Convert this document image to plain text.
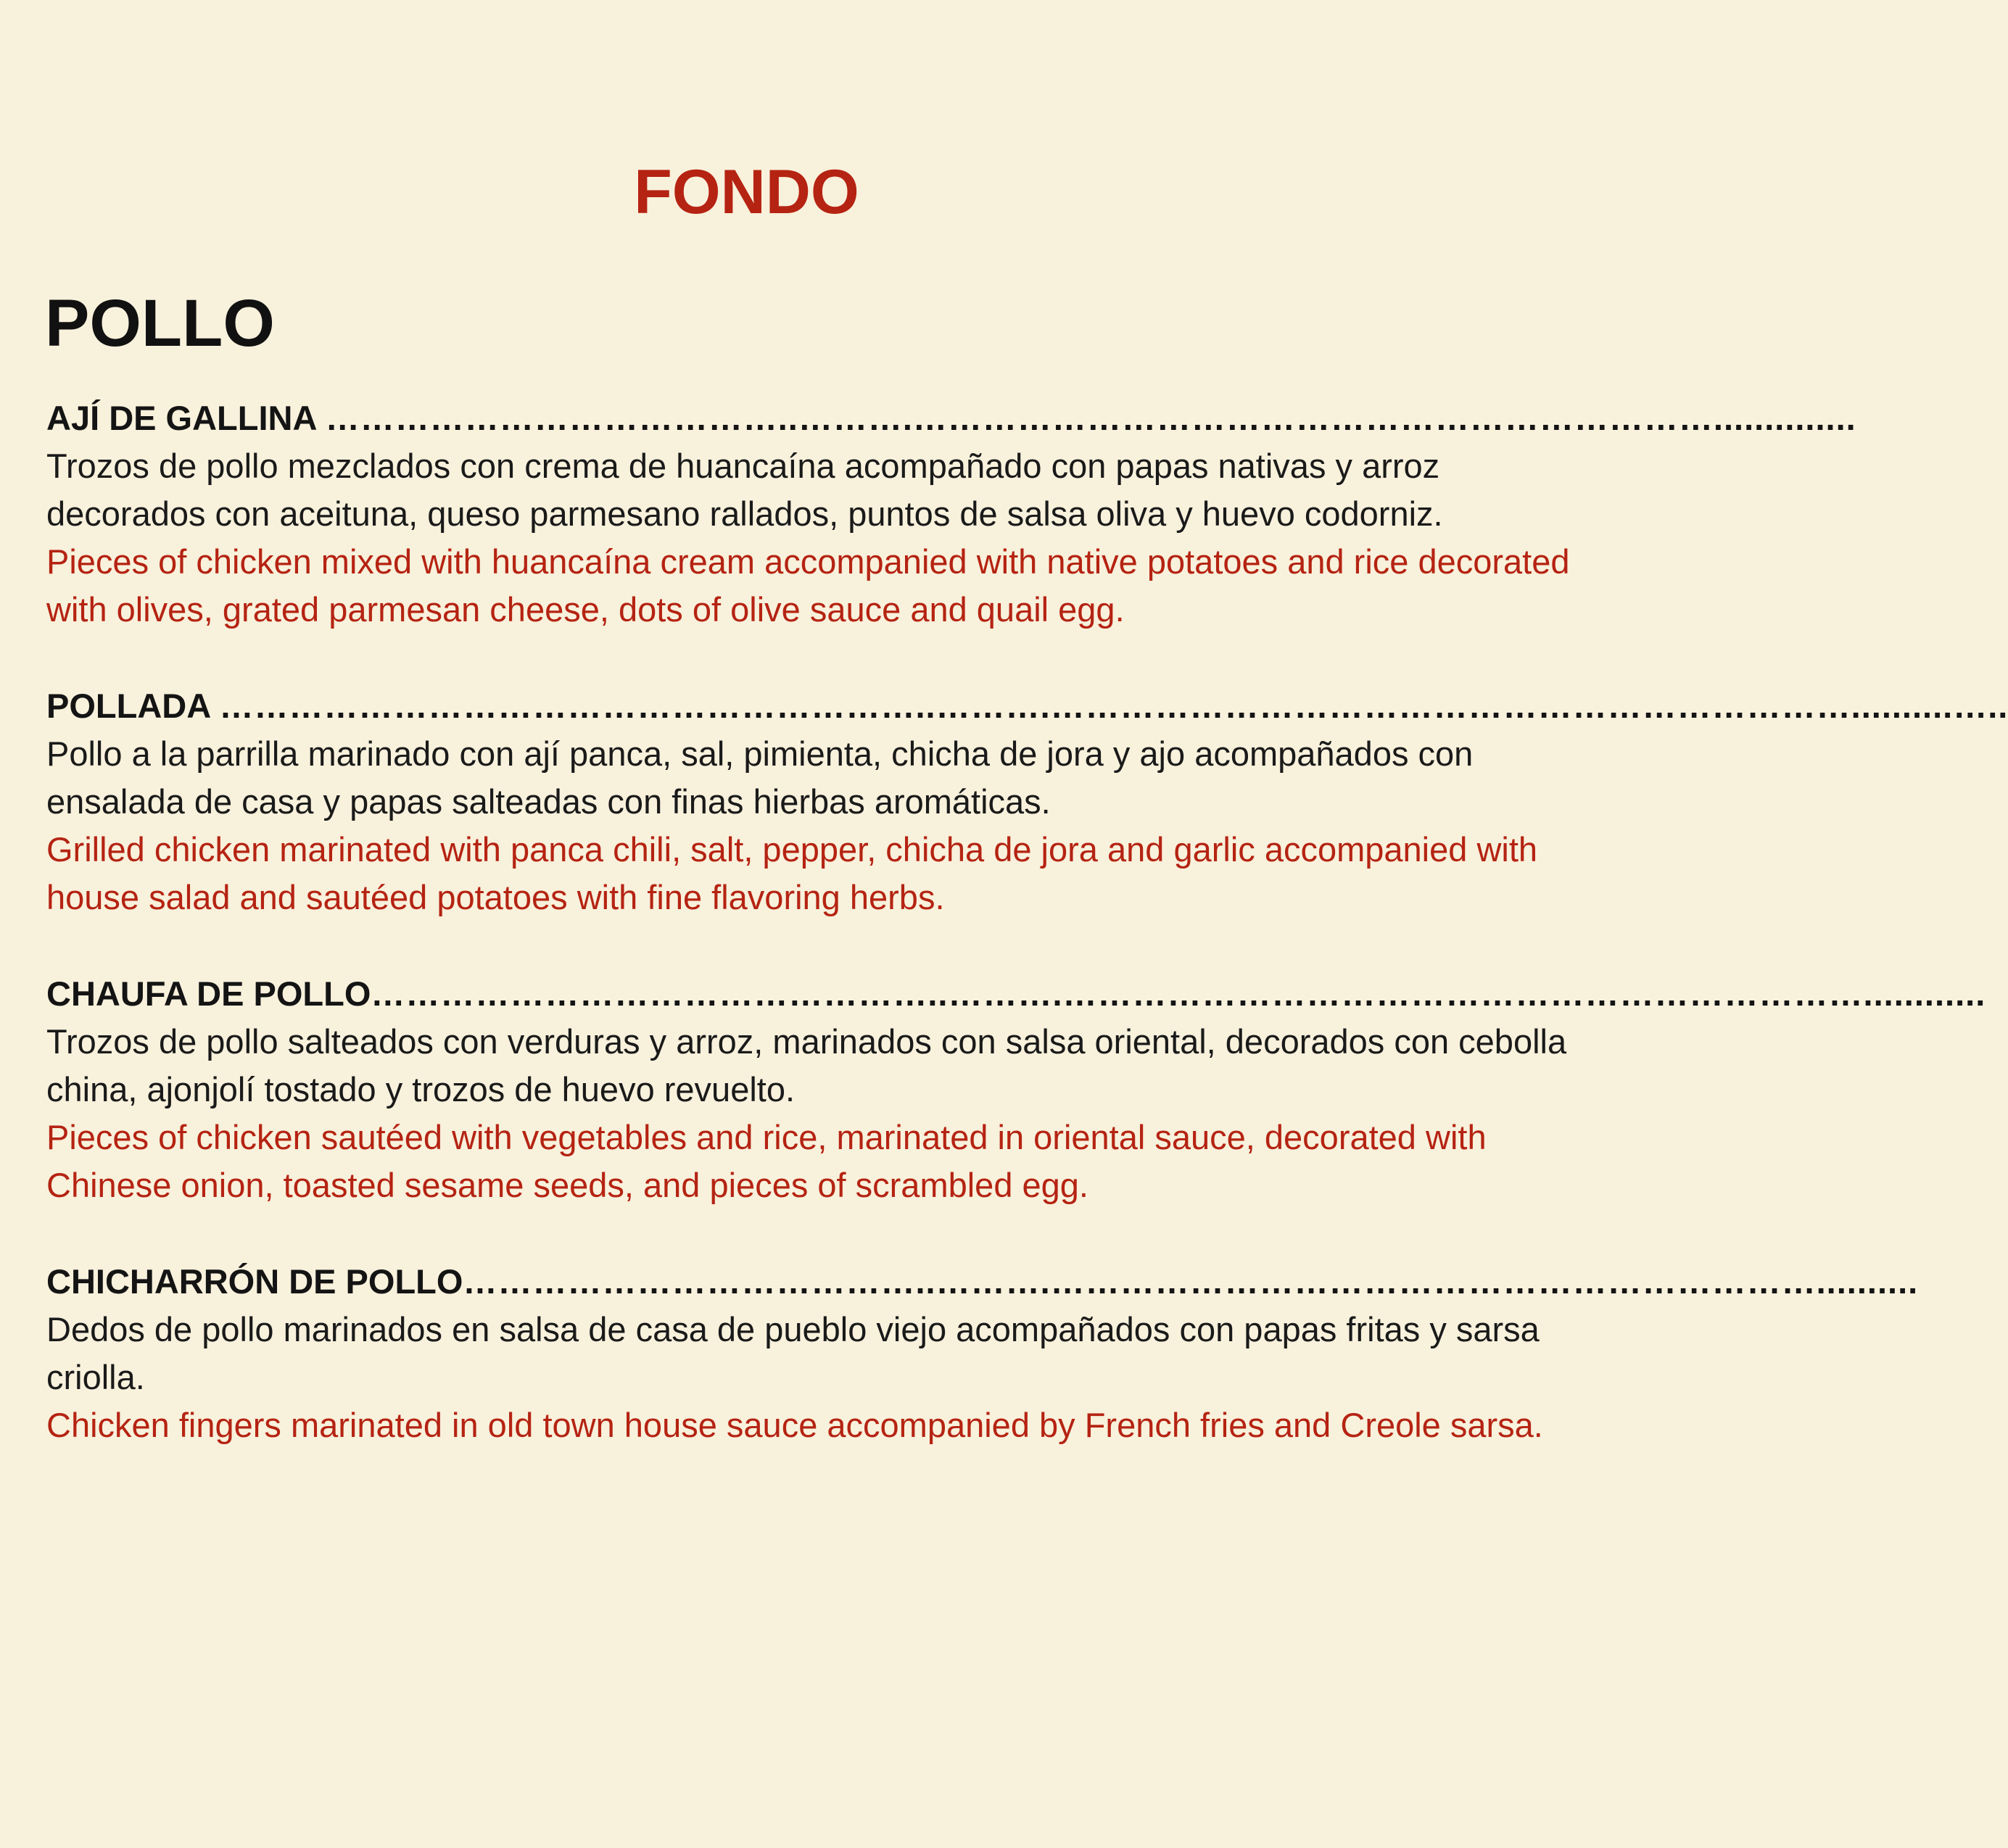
FONDO
POLLO
AJÍ DE GALLINA …………………………………..……….……………………………………………………………..............
Trozos de pollo mezclados con crema de huancaína acompañado con papas nativas y arroz decorados con aceituna, queso parmesano rallados, puntos de salsa oliva y huevo codorniz.
Pieces of chicken mixed with huancaína cream accompanied with native potatoes and rice decorated with olives, grated parmesan cheese, dots of olive sauce and quail egg.
POLLADA ……………………………………………………..……….……………………………………………………………..........…..
Pollo a la parrilla marinado con ají panca, sal, pimienta, chicha de jora y ajo acompañados con ensalada de casa y papas salteadas con finas hierbas aromáticas.
Grilled chicken marinated with panca chili, salt, pepper, chicha de jora and garlic accompanied with house salad and sautéed potatoes with fine flavoring herbs.
CHAUFA DE POLLO…………………………………………..……….……………………………………………………………............
Trozos de pollo salteados con verduras y arroz, marinados con salsa oriental, decorados con cebolla china, ajonjolí tostado y trozos de huevo revuelto.
Pieces of chicken sautéed with vegetables and rice, marinated in oriental sauce, decorated with Chinese onion, toasted sesame seeds, and pieces of scrambled egg.
CHICHARRÓN DE POLLO…………………………………..……….…………………………………………………………..........
Dedos de pollo marinados en salsa de casa de pueblo viejo acompañados con papas fritas y sarsa criolla.
Chicken fingers marinated in old town house sauce accompanied by French fries and Creole sarsa.
